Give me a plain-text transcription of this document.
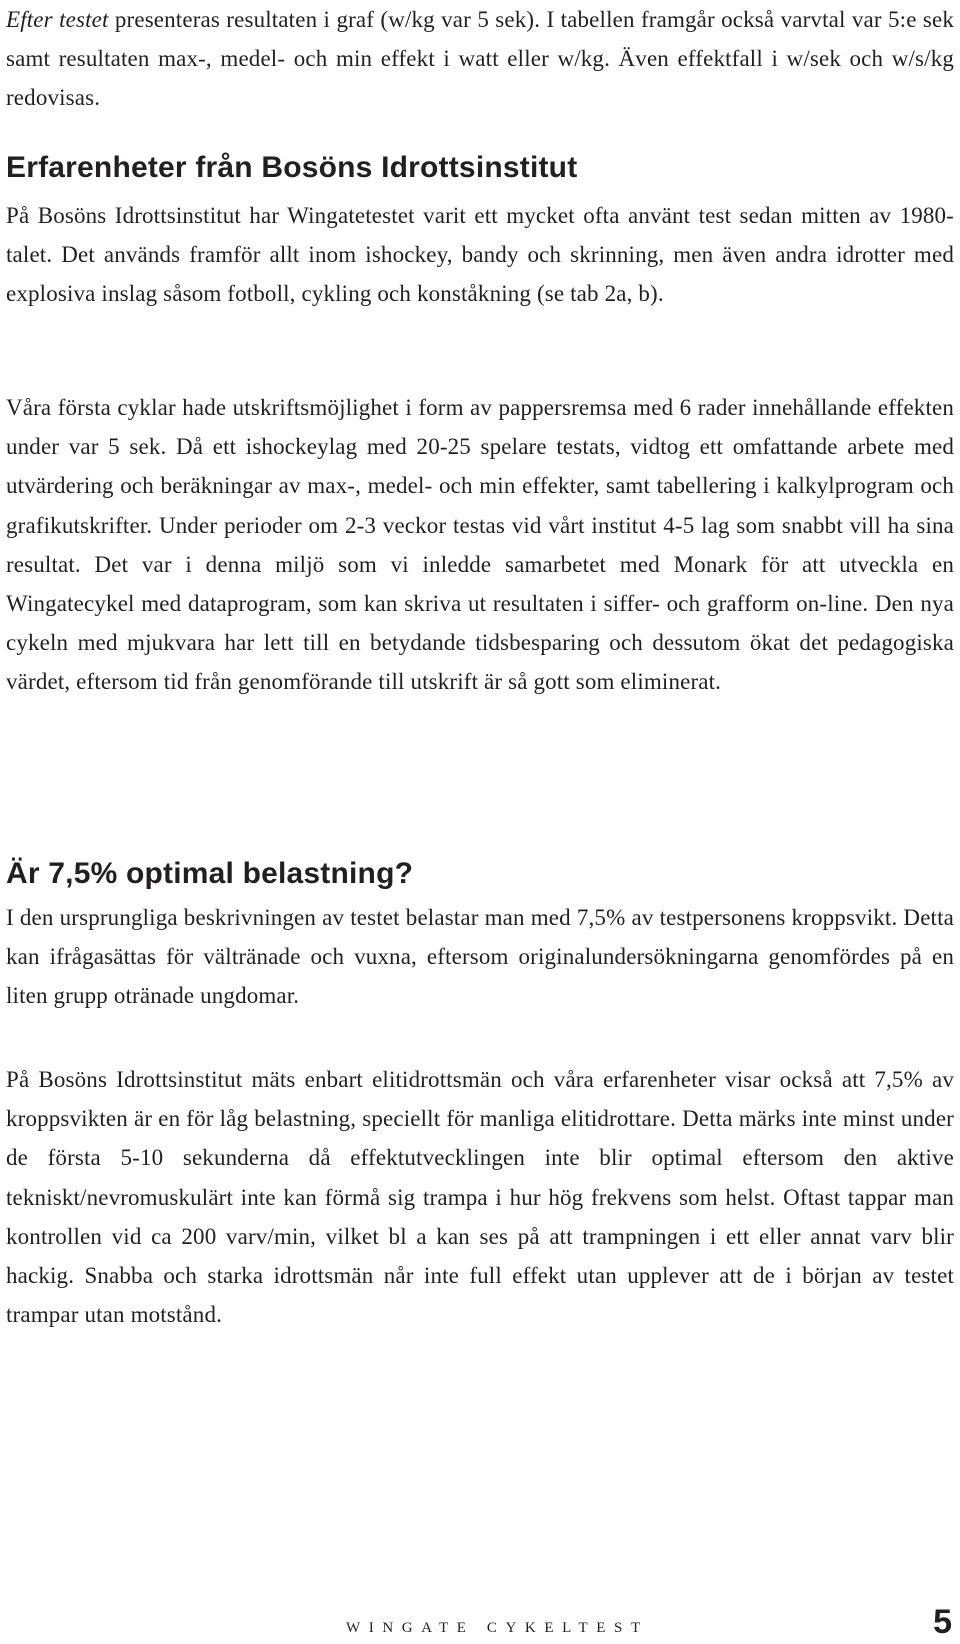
Efter testet presenteras resultaten i graf (w/kg var 5 sek). I tabellen framgår också varvtal var 5:e sek samt resultaten max-, medel- och min effekt i watt eller w/kg. Även effektfall i w/sek och w/s/kg redovisas.

Erfarenheter från Bosöns Idrottsinstitut

På Bosöns Idrottsinstitut har Wingatetestet varit ett mycket ofta använt test sedan mitten av 1980-talet. Det används framför allt inom ishockey, bandy och skrinning, men även andra idrotter med explosiva inslag såsom fotboll, cykling och konståkning (se tab 2a, b).

Våra första cyklar hade utskriftsmöjlighet i form av pappersremsa med 6 rader innehållande effekten under var 5 sek. Då ett ishockeylag med 20-25 spelare testats, vidtog ett omfattande arbete med utvärdering och beräkningar av max-, medel- och min effekter, samt tabellering i kalkylprogram och grafikutskrifter. Under perioder om 2-3 veckor testas vid vårt institut 4-5 lag som snabbt vill ha sina resultat. Det var i denna miljö som vi inledde samarbetet med Monark för att utveckla en Wingatecykel med dataprogram, som kan skriva ut resultaten i siffer- och grafform on-line. Den nya cykeln med mjukvara har lett till en betydande tidsbesparing och dessutom ökat det pedagogiska värdet, eftersom tid från genomförande till utskrift är så gott som eliminerat.

Är 7,5% optimal belastning?

I den ursprungliga beskrivningen av testet belastar man med 7,5% av testpersonens kroppsvikt. Detta kan ifrågasättas för vältränade och vuxna, eftersom originalundersökningarna genomfördes på en liten grupp otränade ungdomar.

På Bosöns Idrottsinstitut mäts enbart elitidrottsmän och våra erfarenheter visar också att 7,5% av kroppsvikten är en för låg belastning, speciellt för manliga elitidrottare. Detta märks inte minst under de första 5-10 sekunderna då effektutvecklingen inte blir optimal eftersom den aktive tekniskt/nevromuskulärt inte kan förmå sig trampa i hur hög frekvens som helst. Oftast tappar man kontrollen vid ca 200 varv/min, vilket bl a kan ses på att trampningen i ett eller annat varv blir hackig. Snabba och starka idrottsmän når inte full effekt utan upplever att de i början av testet trampar utan motstånd.

WINGATE CYKELTEST	5
